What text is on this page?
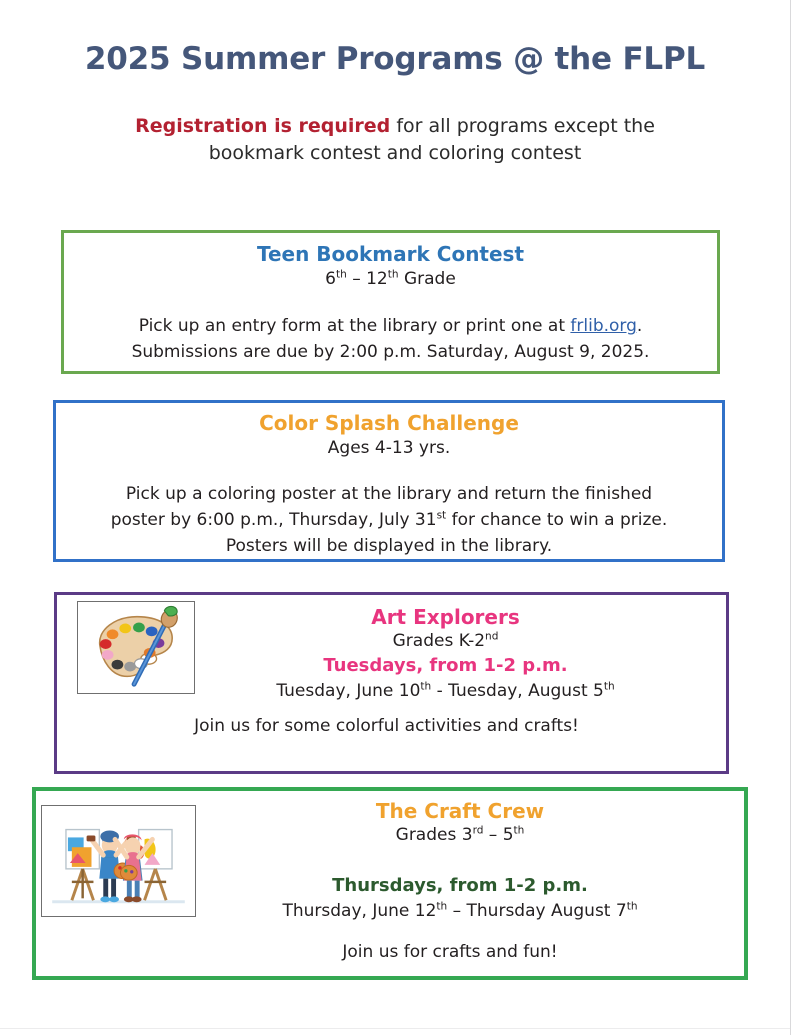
2025 Summer Programs @ the FLPL
Registration is required for all programs except the
bookmark contest and coloring contest
Teen Bookmark Contest
6th – 12th Grade
Pick up an entry form at the library or print one at frlib.org.
Submissions are due by 2:00 p.m. Saturday, August 9, 2025.
Color Splash Challenge
Ages 4-13 yrs.
Pick up a coloring poster at the library and return the finished
poster by 6:00 p.m., Thursday, July 31st for chance to win a prize.
Posters will be displayed in the library.
Art Explorers
Grades K-2nd
Tuesdays, from 1-2 p.m.
Tuesday, June 10th - Tuesday, August 5th
Join us for some colorful activities and crafts!
The Craft Crew
Grades 3rd – 5th
Thursdays, from 1-2 p.m.
Thursday, June 12th – Thursday August 7th
Join us for crafts and fun!
